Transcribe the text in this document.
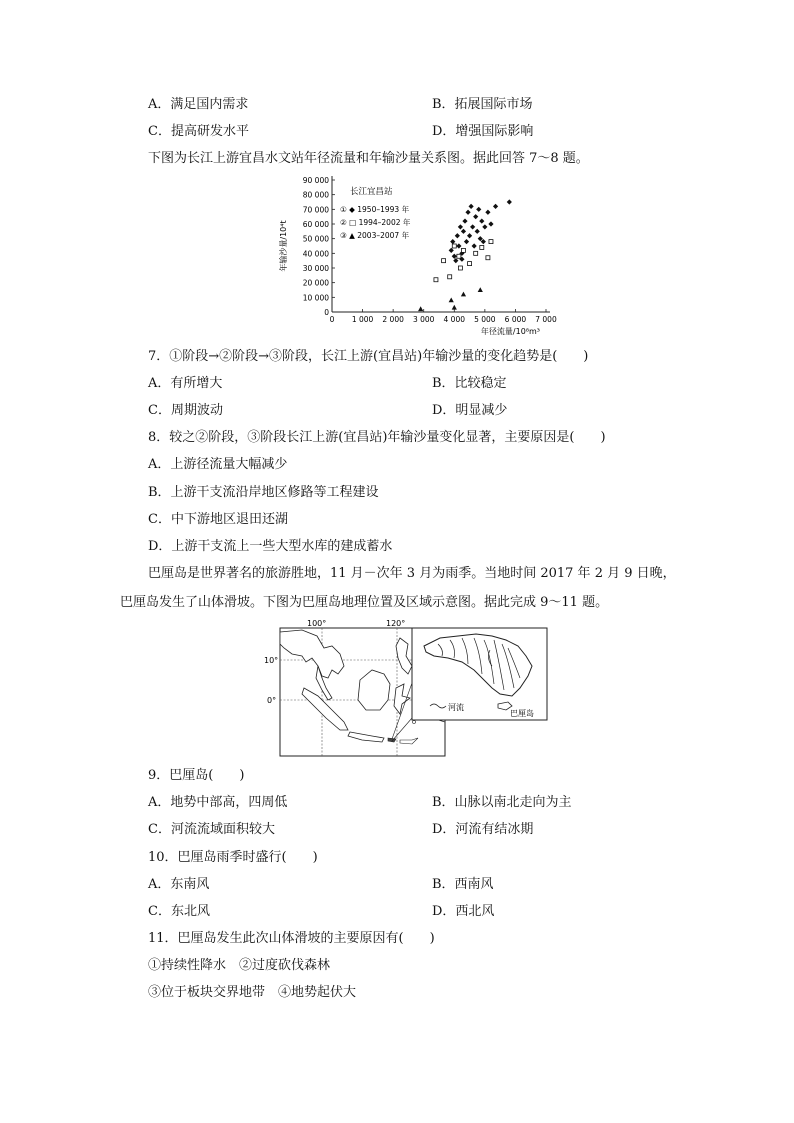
A．满足国内需求	B．拓展国际市场
C．提高研发水平	D．增强国际影响
下图为长江上游宜昌水文站年径流量和年输沙量关系图。据此回答 7～8 题。
0 1 000 2 000 3 000 4 000 5 000 6 000 7 000
0
10 000
20 000
30 000
40 000
50 000
60 000
70 000
80 000
90 000
年径流量/10⁸m³
年输沙量/10⁴t
长江宜昌站
① ◆ 1950–1993 年
② □ 1994–2002 年
③ ▲ 2003–2007 年
7．①阶段→②阶段→③阶段，长江上游(宜昌站)年输沙量的变化趋势是(　　)
A．有所增大	B．比较稳定
C．周期波动	D．明显减少
8．较之②阶段，③阶段长江上游(宜昌站)年输沙量变化显著，主要原因是(　　)
A．上游径流量大幅减少
B．上游干支流沿岸地区修路等工程建设
C．中下游地区退田还湖
D．上游干支流上一些大型水库的建成蓄水
巴厘岛是世界著名的旅游胜地，11 月－次年 3 月为雨季。当地时间 2017 年 2 月 9 日晚，
巴厘岛发生了山体滑坡。下图为巴厘岛地理位置及区域示意图。据此完成 9～11 题。
100°	120°
10°
0°
河流
巴厘岛
9．巴厘岛(　　)
A．地势中部高，四周低	B．山脉以南北走向为主
C．河流流域面积较大	D．河流有结冰期
10．巴厘岛雨季时盛行(　　)
A．东南风	B．西南风
C．东北风	D．西北风
11．巴厘岛发生此次山体滑坡的主要原因有(　　)
①持续性降水　②过度砍伐森林
③位于板块交界地带　④地势起伏大
